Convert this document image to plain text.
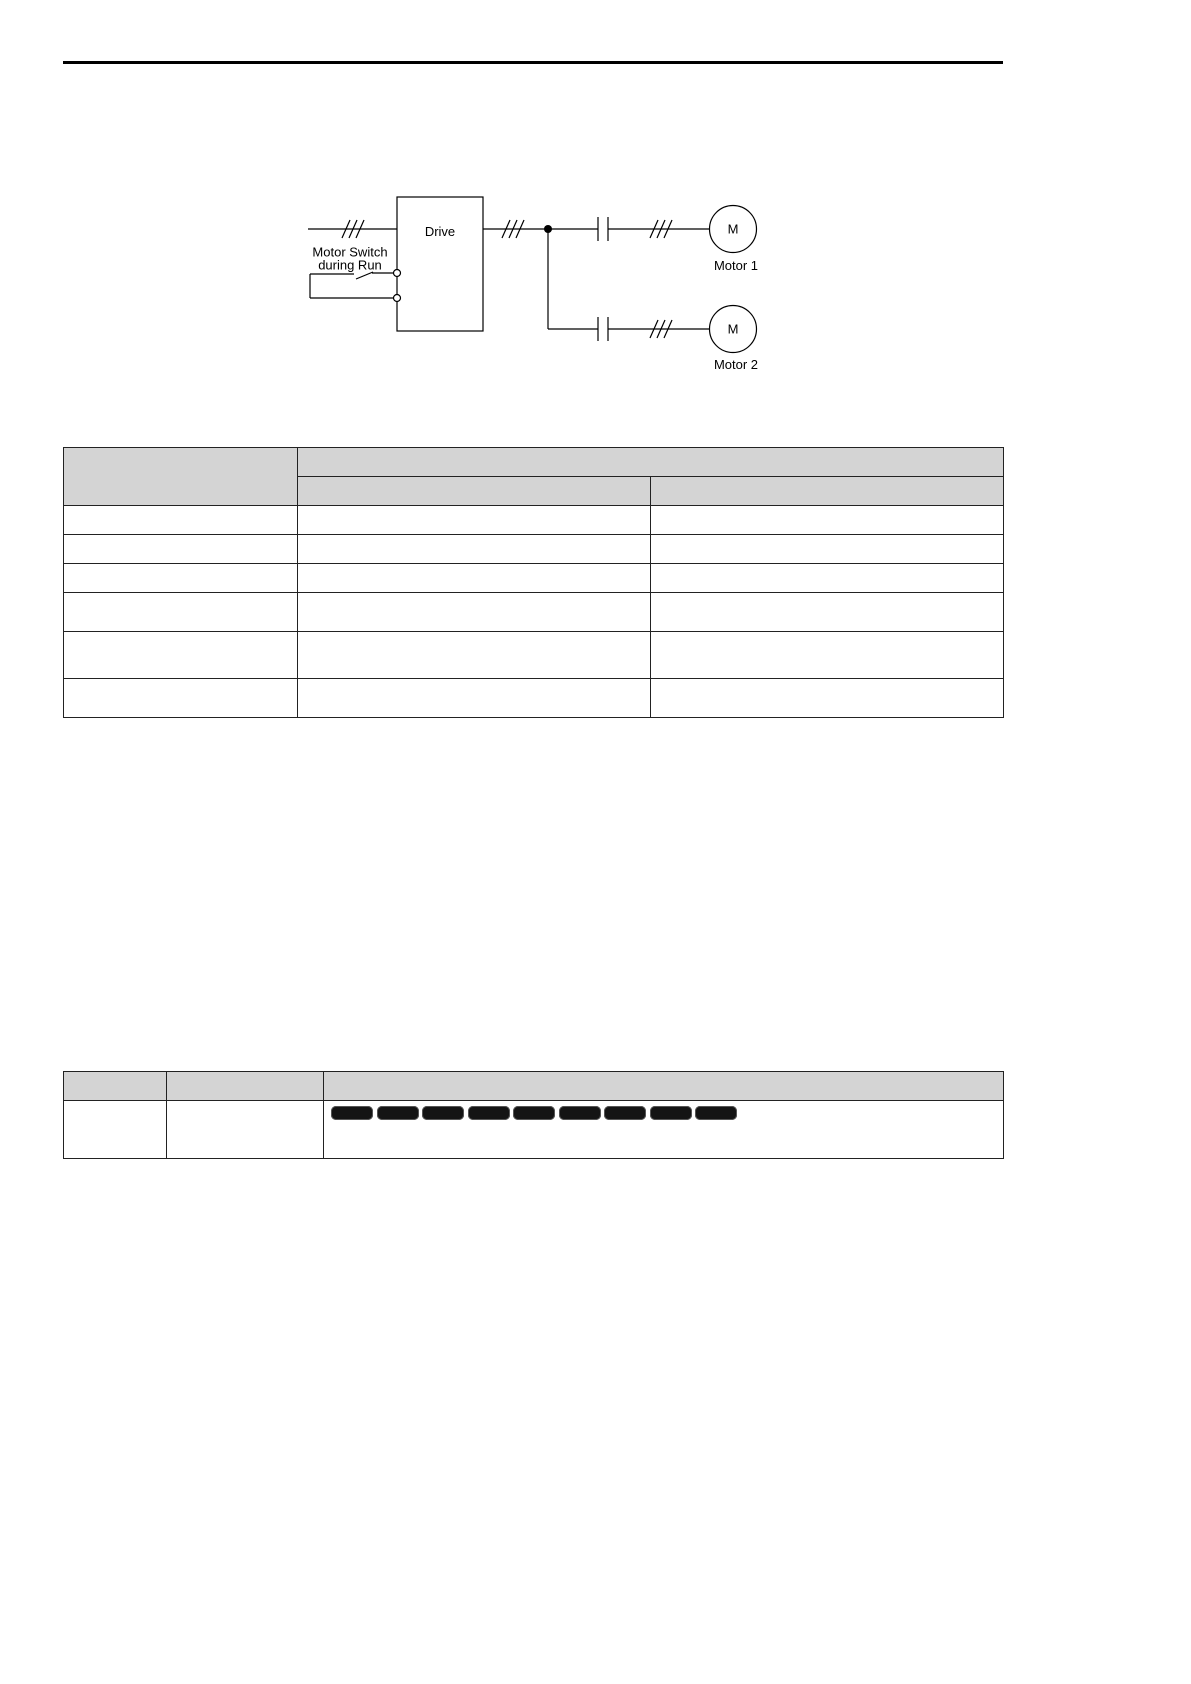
Drive
Motor Switch
during Run
M
M
Motor 1
Motor 2
